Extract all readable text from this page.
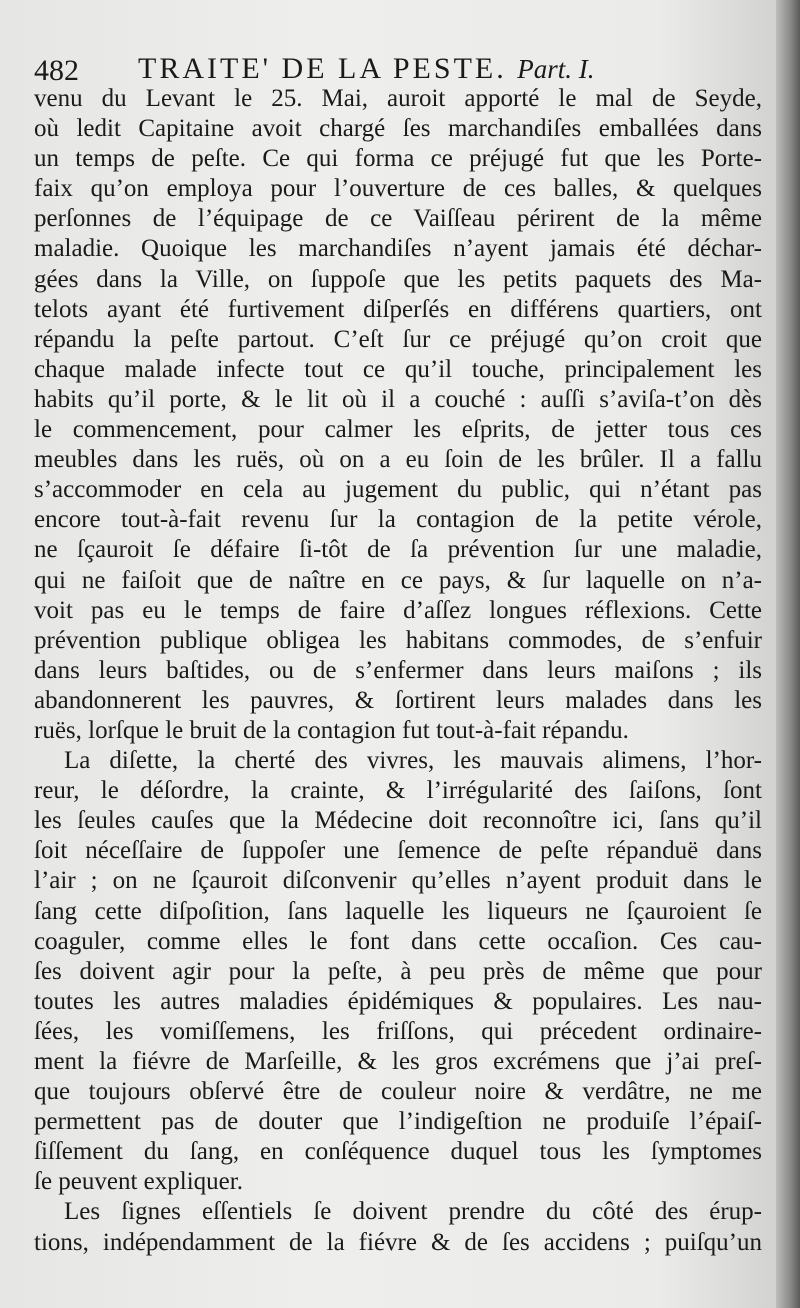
482 TRAITE' DE LA PESTE. Part. I.
venu du Levant le 25. Mai, auroit apporté le mal de Seyde,
où ledit Capitaine avoit chargé ſes marchandiſes emballées dans
un temps de peſte. Ce qui forma ce préjugé fut que les Porte-
faix qu’on employa pour l’ouverture de ces balles, & quelques
perſonnes de l’équipage de ce Vaiſſeau périrent de la même
maladie. Quoique les marchandiſes n’ayent jamais été déchar-
gées dans la Ville, on ſuppoſe que les petits paquets des Ma-
telots ayant été furtivement diſperſés en différens quartiers, ont
répandu la peſte partout. C’eſt ſur ce préjugé qu’on croit que
chaque malade infecte tout ce qu’il touche, principalement les
habits qu’il porte, & le lit où il a couché : auſſi s’aviſa-t’on dès
le commencement, pour calmer les eſprits, de jetter tous ces
meubles dans les ruës, où on a eu ſoin de les brûler. Il a fallu
s’accommoder en cela au jugement du public, qui n’étant pas
encore tout-à-fait revenu ſur la contagion de la petite vérole,
ne ſçauroit ſe défaire ſi-tôt de ſa prévention ſur une maladie,
qui ne faiſoit que de naître en ce pays, & ſur laquelle on n’a-
voit pas eu le temps de faire d’aſſez longues réflexions. Cette
prévention publique obligea les habitans commodes, de s’enfuir
dans leurs baſtides, ou de s’enfermer dans leurs maiſons ; ils
abandonnerent les pauvres, & ſortirent leurs malades dans les
ruës, lorſque le bruit de la contagion fut tout-à-fait répandu.
La diſette, la cherté des vivres, les mauvais alimens, l’hor-
reur, le déſordre, la crainte, & l’irrégularité des ſaiſons, ſont
les ſeules cauſes que la Médecine doit reconnoître ici, ſans qu’il
ſoit néceſſaire de ſuppoſer une ſemence de peſte répanduë dans
l’air ; on ne ſçauroit diſconvenir qu’elles n’ayent produit dans le
ſang cette diſpoſition, ſans laquelle les liqueurs ne ſçauroient ſe
coaguler, comme elles le font dans cette occaſion. Ces cau-
ſes doivent agir pour la peſte, à peu près de même que pour
toutes les autres maladies épidémiques & populaires. Les nau-
ſées, les vomiſſemens, les friſſons, qui précedent ordinaire-
ment la fiévre de Marſeille, & les gros excrémens que j’ai preſ-
que toujours obſervé être de couleur noire & verdâtre, ne me
permettent pas de douter que l’indigeſtion ne produiſe l’épaiſ-
ſiſſement du ſang, en conſéquence duquel tous les ſymptomes
ſe peuvent expliquer.
Les ſignes eſſentiels ſe doivent prendre du côté des érup-
tions, indépendamment de la fiévre & de ſes accidens ; puiſqu’un
